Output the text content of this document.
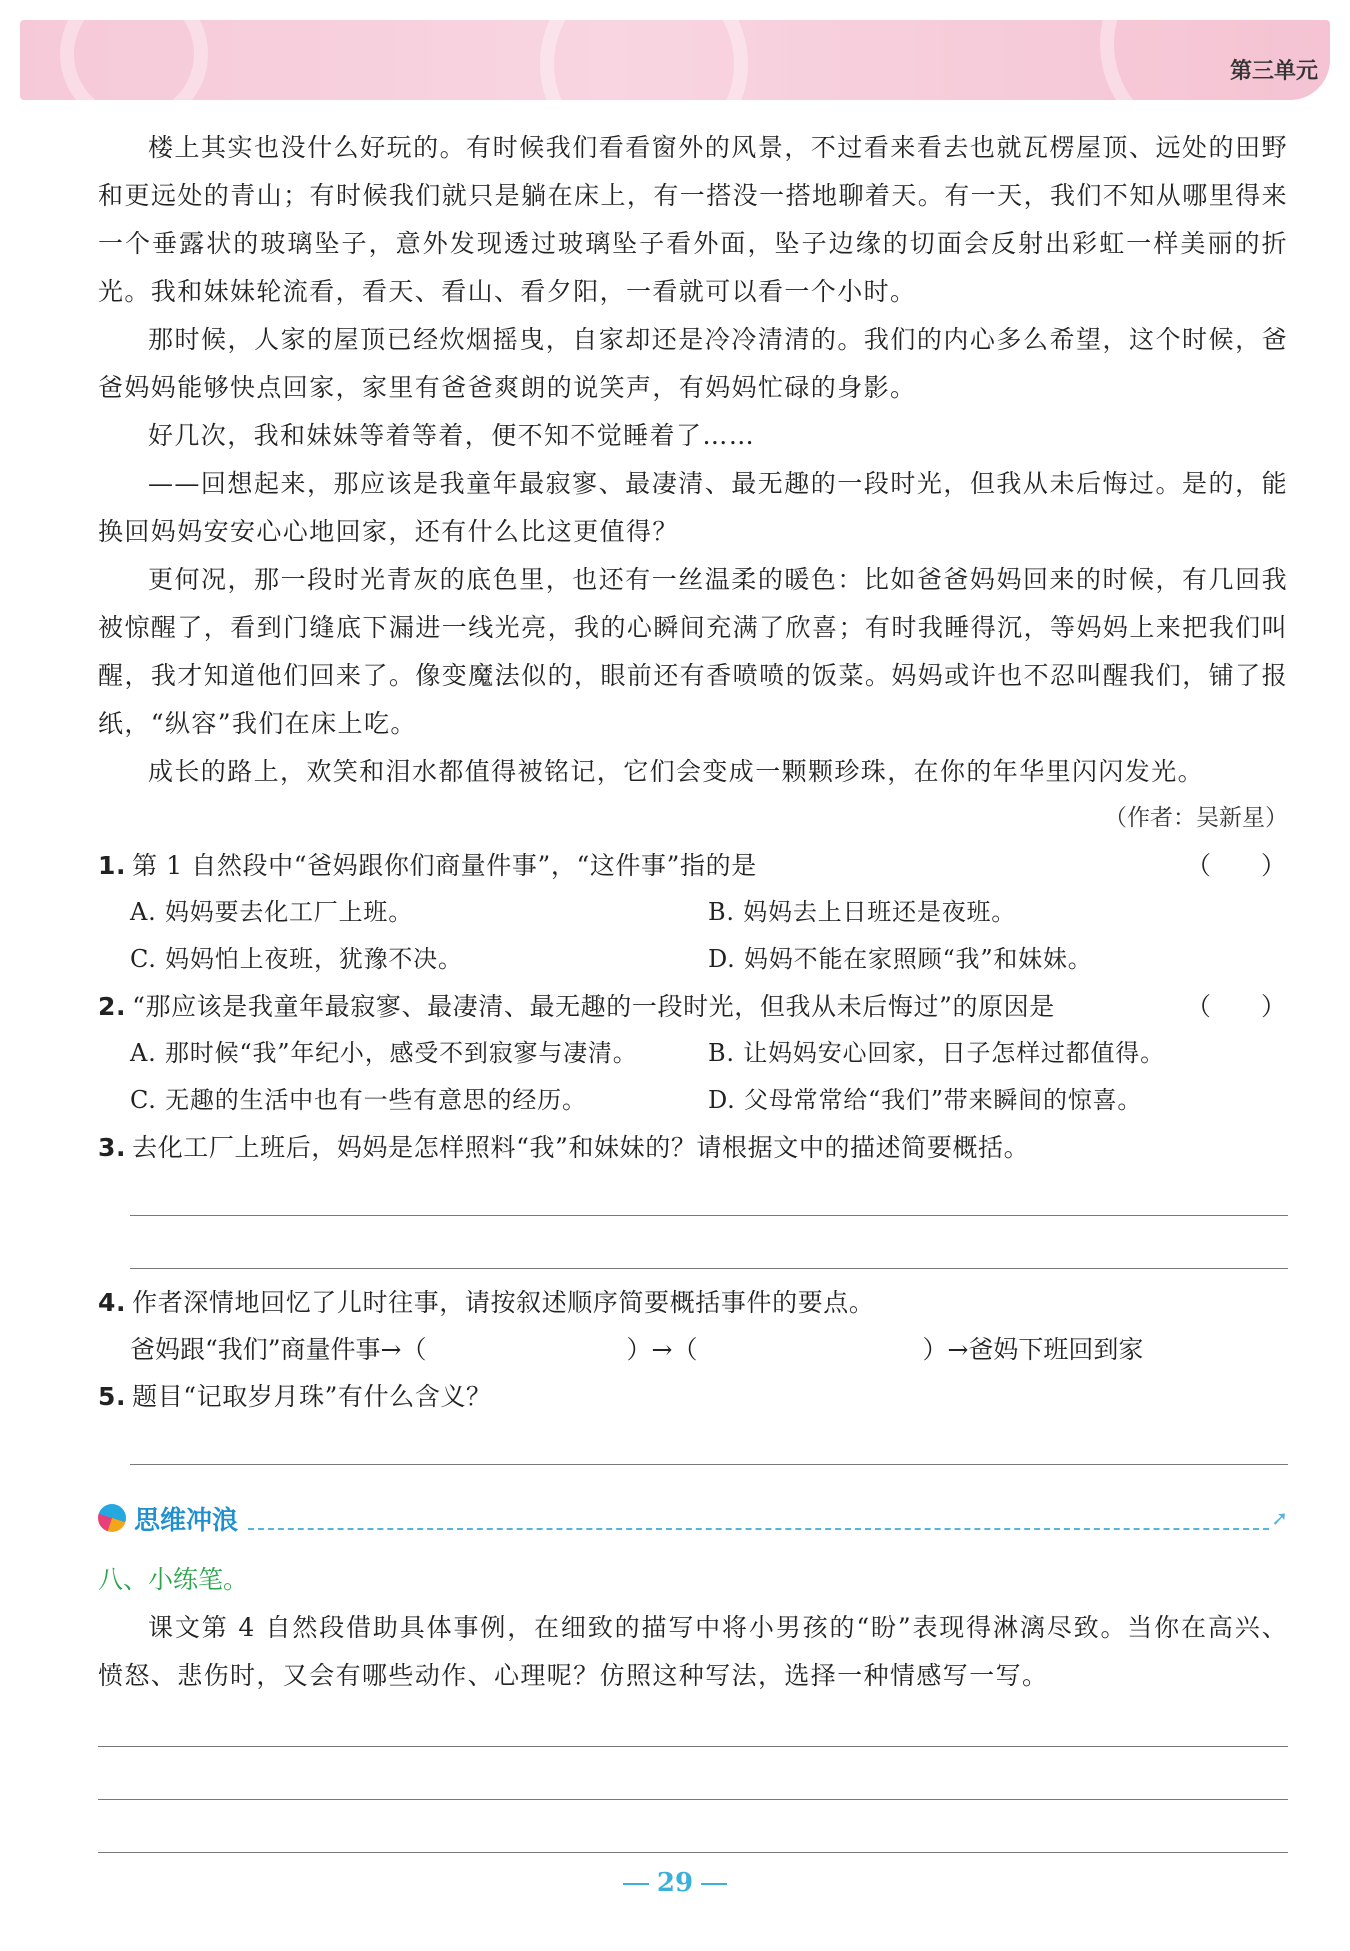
第三单元

楼上其实也没什么好玩的。有时候我们看看窗外的风景，不过看来看去也就瓦楞屋顶、远处的田野和更远处的青山；有时候我们就只是躺在床上，有一搭没一搭地聊着天。有一天，我们不知从哪里得来一个垂露状的玻璃坠子，意外发现透过玻璃坠子看外面，坠子边缘的切面会反射出彩虹一样美丽的折光。我和妹妹轮流看，看天、看山、看夕阳，一看就可以看一个小时。

那时候，人家的屋顶已经炊烟摇曳，自家却还是冷冷清清的。我们的内心多么希望，这个时候，爸爸妈妈能够快点回家，家里有爸爸爽朗的说笑声，有妈妈忙碌的身影。

好几次，我和妹妹等着等着，便不知不觉睡着了……

——回想起来，那应该是我童年最寂寥、最凄清、最无趣的一段时光，但我从未后悔过。是的，能换回妈妈安安心心地回家，还有什么比这更值得？

更何况，那一段时光青灰的底色里，也还有一丝温柔的暖色：比如爸爸妈妈回来的时候，有几回我被惊醒了，看到门缝底下漏进一线光亮，我的心瞬间充满了欣喜；有时我睡得沉，等妈妈上来把我们叫醒，我才知道他们回来了。像变魔法似的，眼前还有香喷喷的饭菜。妈妈或许也不忍叫醒我们，铺了报纸，“纵容”我们在床上吃。

成长的路上，欢笑和泪水都值得被铭记，它们会变成一颗颗珍珠，在你的年华里闪闪发光。

（作者：吴新星）

1. 第 1 自然段中“爸妈跟你们商量件事”，“这件事”指的是	（　　）

A. 妈妈要去化工厂上班。	B. 妈妈去上日班还是夜班。
C. 妈妈怕上夜班，犹豫不决。	D. 妈妈不能在家照顾“我”和妹妹。

2. “那应该是我童年最寂寥、最凄清、最无趣的一段时光，但我从未后悔过”的原因是	（　　）

A. 那时候“我”年纪小，感受不到寂寥与凄清。	B. 让妈妈安心回家，日子怎样过都值得。
C. 无趣的生活中也有一些有意思的经历。	D. 父母常常给“我们”带来瞬间的惊喜。

3. 去化工厂上班后，妈妈是怎样照料“我”和妹妹的？请根据文中的描述简要概括。

4. 作者深情地回忆了儿时往事，请按叙述顺序简要概括事件的要点。

爸妈跟“我们”商量件事→（　　　　　　　　）→（　　　　　　　　　）→爸妈下班回到家

5. 题目“记取岁月珠”有什么含义？

思维冲浪	➚

八、小练笔。

课文第 4 自然段借助具体事例，在细致的描写中将小男孩的“盼”表现得淋漓尽致。当你在高兴、愤怒、悲伤时，又会有哪些动作、心理呢？仿照这种写法，选择一种情感写一写。

29
